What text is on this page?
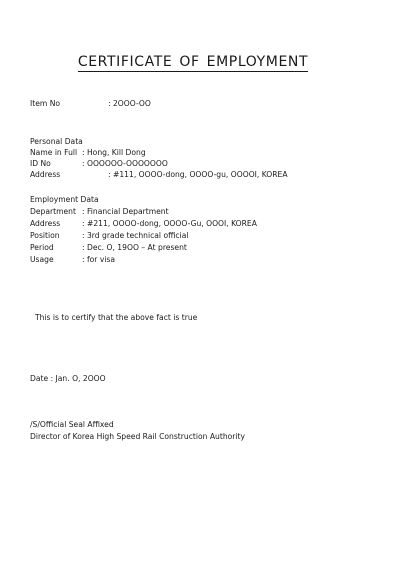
CERTIFICATE OF EMPLOYMENT
Item No	: 2OOO-OO
Personal Data
Name in Full : Hong, Kill Dong
ID No	: OOOOOO-OOOOOOO
Address	: #111, OOOO-dong, OOOO-gu, OOOOI, KOREA
Employment Data
Department : Financial Department
Address	: #211, OOOO-dong, OOOO-Gu, OOOI, KOREA
Position	: 3rd grade technical official
Period	: Dec. O, 19OO – At present
Usage	: for visa
This is to certify that the above fact is true
Date : Jan. O, 2OOO
/S/Official Seal Affixed
Director of Korea High Speed Rail Construction Authority
